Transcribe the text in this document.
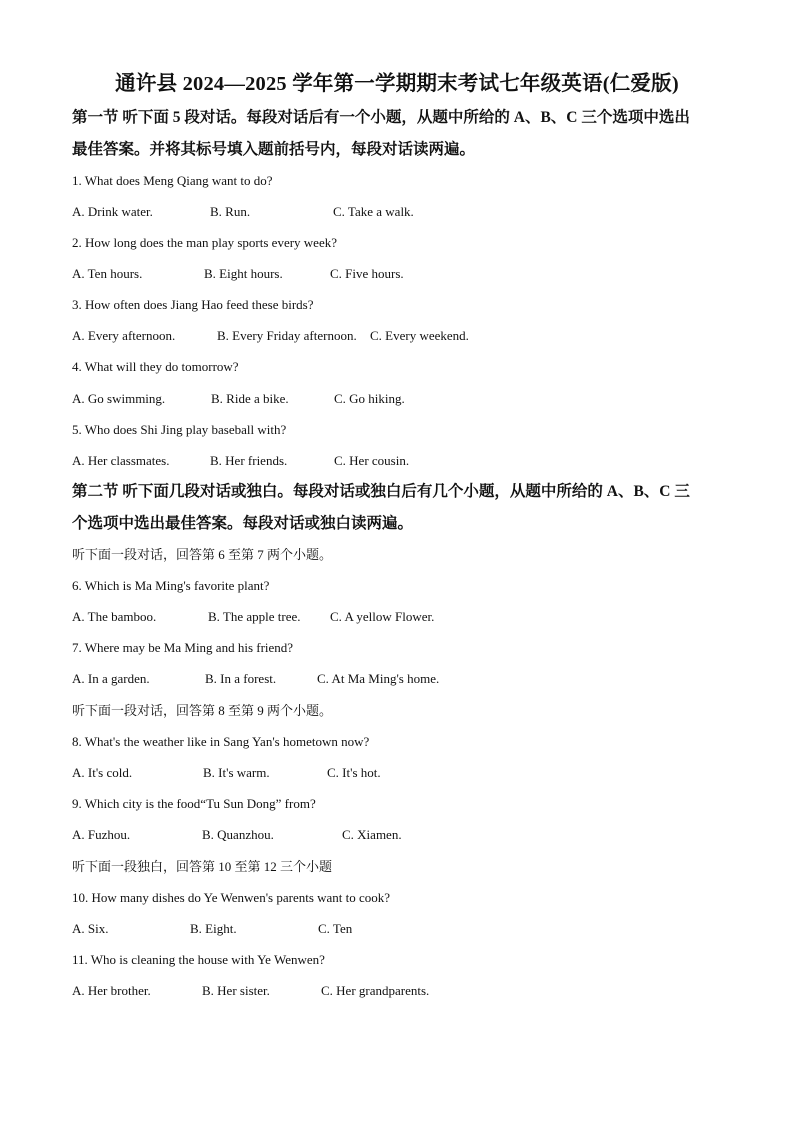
通许县 2024—2025 学年第一学期期末考试七年级英语(仁爱版)
第一节 听下面 5 段对话。每段对话后有一个小题，从题中所给的 A、B、C 三个选项中选出
最佳答案。并将其标号填入题前括号内，每段对话读两遍。
1. What does Meng Qiang want to do?
A. Drink water.	B. Run.	C. Take a walk.
2. How long does the man play sports every week?
A. Ten hours.	B. Eight hours.	C. Five hours.
3. How often does Jiang Hao feed these birds?
A. Every afternoon.	B. Every Friday afternoon. C. Every weekend.
4. What will they do tomorrow?
A. Go swimming.	B. Ride a bike.	C. Go hiking.
5. Who does Shi Jing play baseball with?
A. Her classmates.	B. Her friends.	C. Her cousin.
第二节 听下面几段对话或独白。每段对话或独白后有几个小题，从题中所给的 A、B、C 三
个选项中选出最佳答案。每段对话或独白读两遍。
听下面一段对话，回答第 6 至第 7 两个小题。
6. Which is Ma Ming's favorite plant?
A. The bamboo.	B. The apple tree. C. A yellow Flower.
7. Where may be Ma Ming and his friend?
A. In a garden.	B. In a forest.	C. At Ma Ming's home.
听下面一段对话，回答第 8 至第 9 两个小题。
8. What's the weather like in Sang Yan's hometown now?
A. It's cold.	B. It's warm.	C. It's hot.
9. Which city is the food“Tu Sun Dong” from?
A. Fuzhou.	B. Quanzhou.	C. Xiamen.
听下面一段独白，回答第 10 至第 12 三个小题
10. How many dishes do Ye Wenwen's parents want to cook?
A. Six.	B. Eight.	C. Ten
11. Who is cleaning the house with Ye Wenwen?
A. Her brother.	B. Her sister.	C. Her grandparents.
